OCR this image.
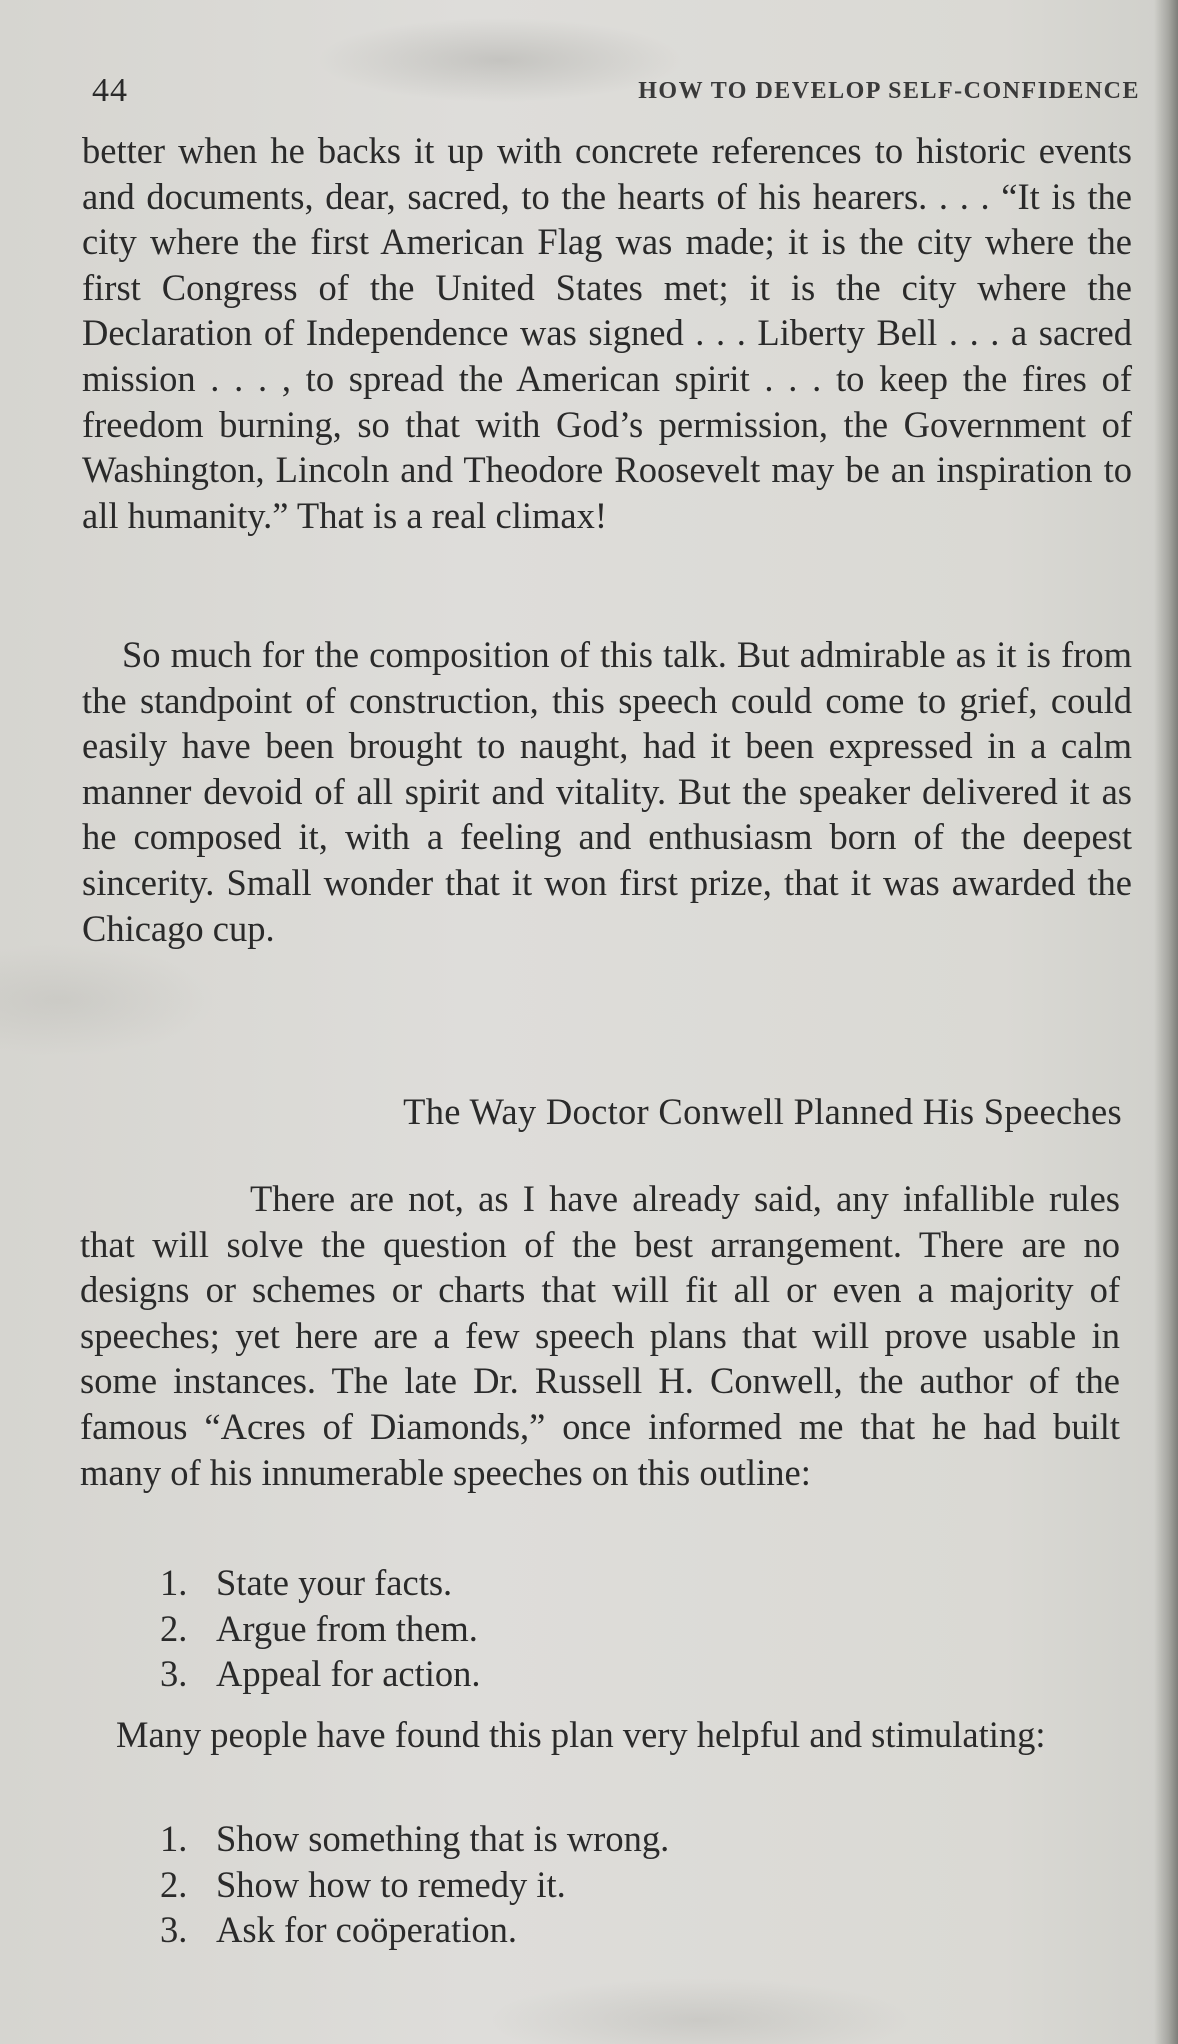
44	HOW TO DEVELOP SELF-CONFIDENCE
better when he backs it up with concrete references to historic events and documents, dear, sacred, to the hearts of his hearers. . . . “It is the city where the first American Flag was made; it is the city where the first Congress of the United States met; it is the city where the Declaration of Independence was signed . . . Liberty Bell . . . a sacred mission . . . , to spread the American spirit . . . to keep the fires of freedom burning, so that with God’s permission, the Government of Washington, Lincoln and Theodore Roosevelt may be an inspiration to all humanity.” That is a real climax!
So much for the composition of this talk. But admirable as it is from the standpoint of construction, this speech could come to grief, could easily have been brought to naught, had it been expressed in a calm manner devoid of all spirit and vitality. But the speaker delivered it as he composed it, with a feeling and enthusiasm born of the deepest sincerity. Small wonder that it won first prize, that it was awarded the Chicago cup.
The Way Doctor Conwell Planned His Speeches
There are not, as I have already said, any infallible rules that will solve the question of the best arrangement. There are no designs or schemes or charts that will fit all or even a majority of speeches; yet here are a few speech plans that will prove usable in some instances. The late Dr. Russell H. Conwell, the author of the famous “Acres of Diamonds,” once informed me that he had built many of his innumerable speeches on this outline:
1. State your facts.
2. Argue from them.
3. Appeal for action.
Many people have found this plan very helpful and stimulating:
1. Show something that is wrong.
2. Show how to remedy it.
3. Ask for coöperation.
